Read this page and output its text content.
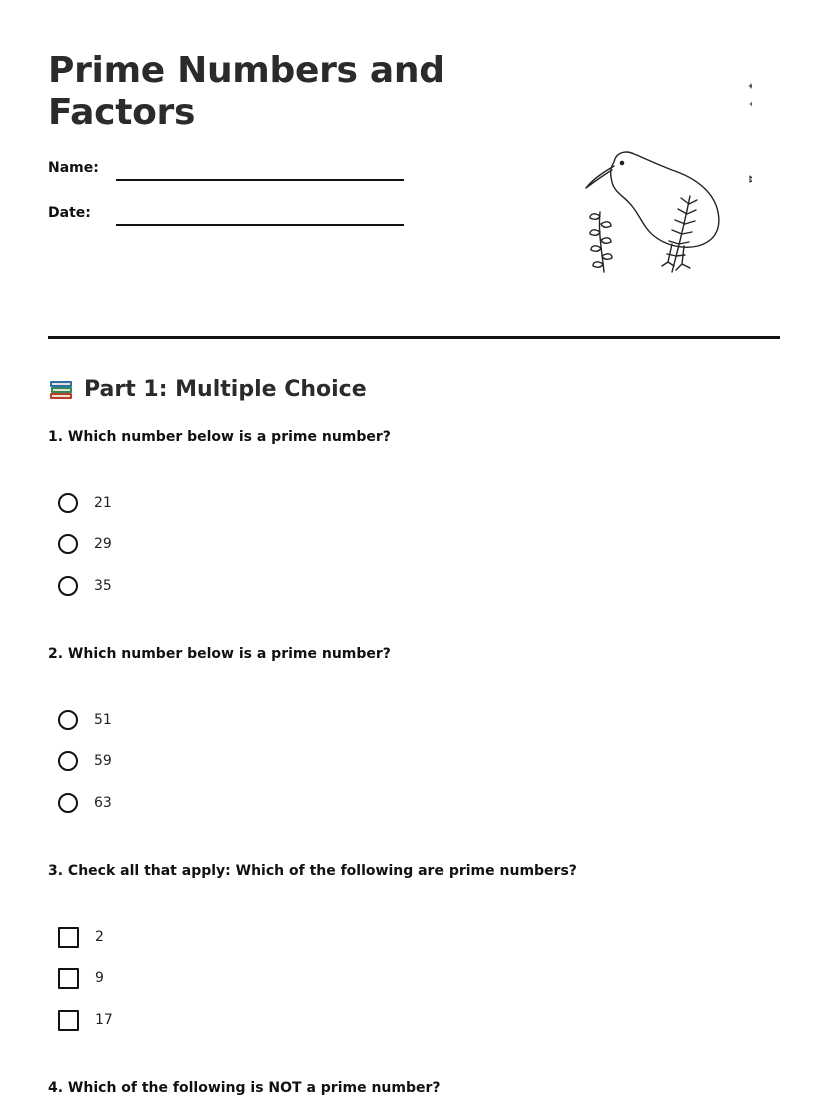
Prime Numbers and Factors
Name:
Date:
Part 1: Multiple Choice

1. Which number below is a prime number?

21
29
35

2. Which number below is a prime number?

51
59
63

3. Check all that apply: Which of the following are prime numbers?

2
9
17

4. Which of the following is NOT a prime number?
